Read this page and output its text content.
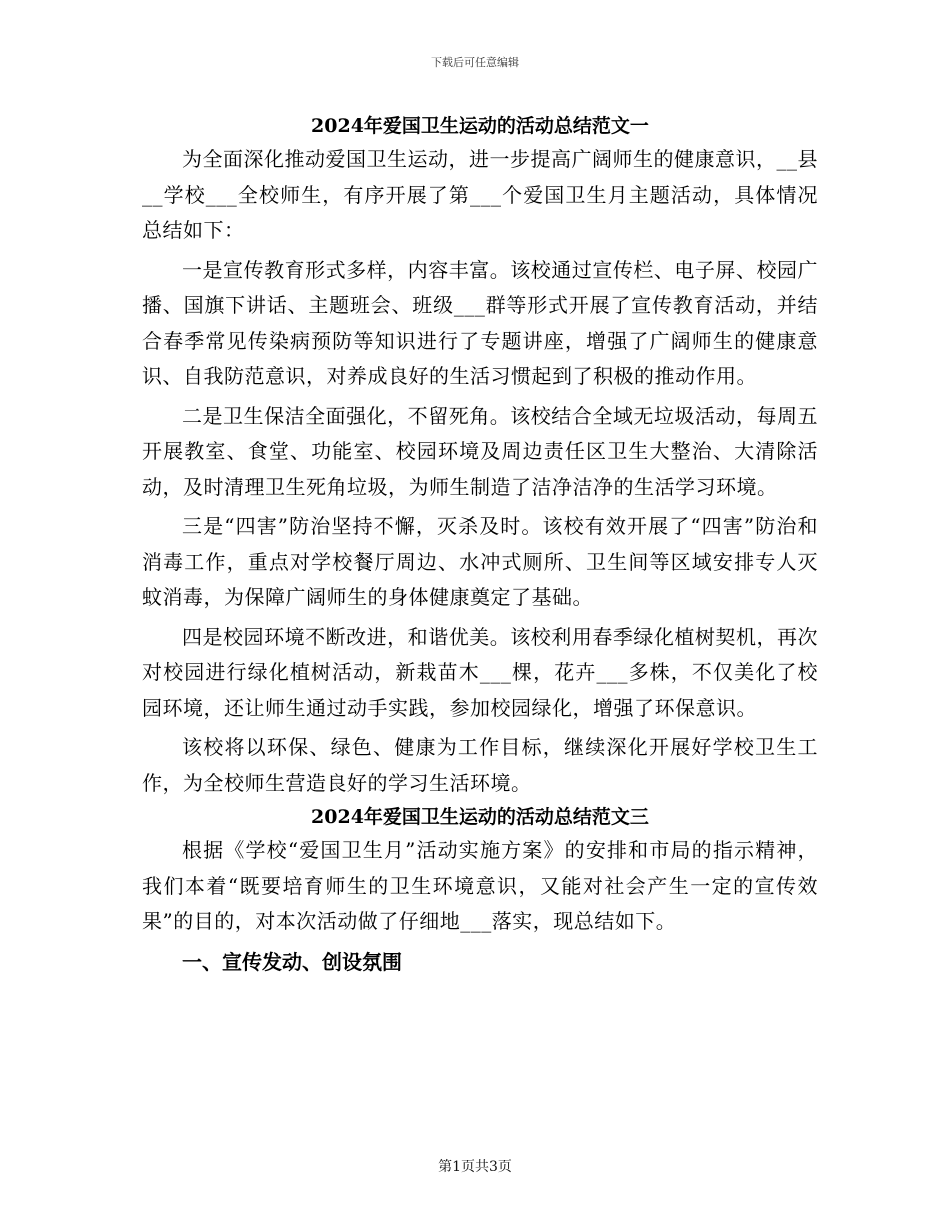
下载后可任意编辑
2024年爱国卫生运动的活动总结范文一

为全面深化推动爱国卫生运动，进一步提高广阔师生的健康意识，__县__学校___全校师生，有序开展了第___个爱国卫生月主题活动，具体情况总结如下：

一是宣传教育形式多样，内容丰富。该校通过宣传栏、电子屏、校园广播、国旗下讲话、主题班会、班级___群等形式开展了宣传教育活动，并结合春季常见传染病预防等知识进行了专题讲座，增强了广阔师生的健康意识、自我防范意识，对养成良好的生活习惯起到了积极的推动作用。

二是卫生保洁全面强化，不留死角。该校结合全域无垃圾活动，每周五开展教室、食堂、功能室、校园环境及周边责任区卫生大整治、大清除活动，及时清理卫生死角垃圾，为师生制造了洁净洁净的生活学习环境。

三是“四害”防治坚持不懈，灭杀及时。该校有效开展了“四害”防治和消毒工作，重点对学校餐厅周边、水冲式厕所、卫生间等区域安排专人灭蚊消毒，为保障广阔师生的身体健康奠定了基础。

四是校园环境不断改进，和谐优美。该校利用春季绿化植树契机，再次对校园进行绿化植树活动，新栽苗木___棵，花卉___多株，不仅美化了校园环境，还让师生通过动手实践，参加校园绿化，增强了环保意识。

该校将以环保、绿色、健康为工作目标，继续深化开展好学校卫生工作，为全校师生营造良好的学习生活环境。

2024年爱国卫生运动的活动总结范文三

根据《学校“爱国卫生月”活动实施方案》的安排和市局的指示精神，我们本着“既要培育师生的卫生环境意识，又能对社会产生一定的宣传效果”的目的，对本次活动做了仔细地___落实，现总结如下。

一、宣传发动、创设氛围
第1页共3页
